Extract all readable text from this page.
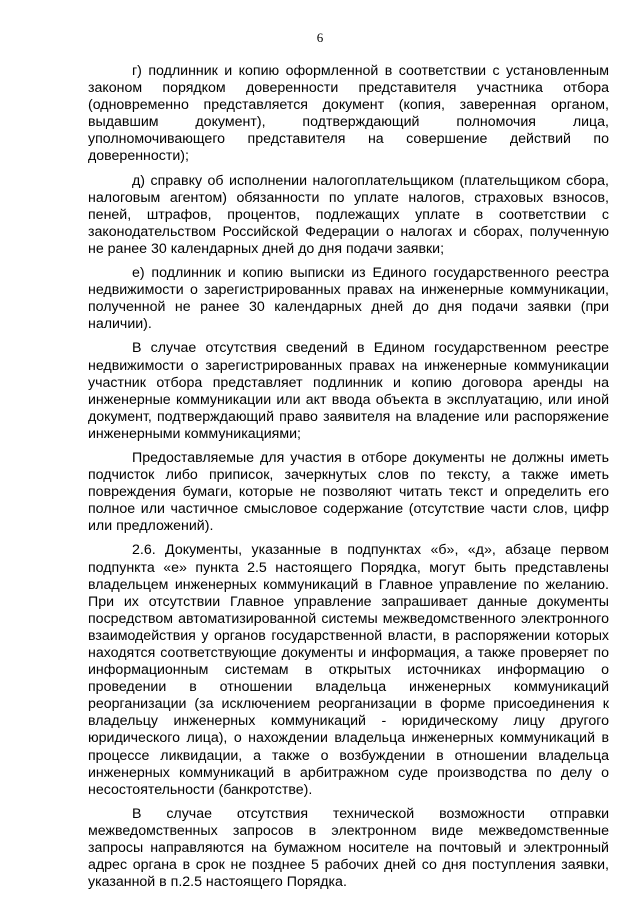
6

г) подлинник и копию оформленной в соответствии с установленным законом порядком доверенности представителя участника отбора (одновременно представляется документ (копия, заверенная органом, выдавшим документ), подтверждающий полномочия лица, уполномочивающего представителя на совершение действий по доверенности);

д) справку об исполнении налогоплательщиком (плательщиком сбора, налоговым агентом) обязанности по уплате налогов, страховых взносов, пеней, штрафов, процентов, подлежащих уплате в соответствии с законодательством Российской Федерации о налогах и сборах, полученную не ранее 30 календарных дней до дня подачи заявки;

е) подлинник и копию выписки из Единого государственного реестра недвижимости о зарегистрированных правах на инженерные коммуникации, полученной не ранее 30 календарных дней до дня подачи заявки (при наличии).

В случае отсутствия сведений в Едином государственном реестре недвижимости о зарегистрированных правах на инженерные коммуникации участник отбора представляет подлинник и копию договора аренды на инженерные коммуникации или акт ввода объекта в эксплуатацию, или иной документ, подтверждающий право заявителя на владение или распоряжение инженерными коммуникациями;

Предоставляемые для участия в отборе документы не должны иметь подчисток либо приписок, зачеркнутых слов по тексту, а также иметь повреждения бумаги, которые не позволяют читать текст и определить его полное или частичное смысловое содержание (отсутствие части слов, цифр или предложений).

2.6. Документы, указанные в подпунктах «б», «д», абзаце первом подпункта «е» пункта 2.5 настоящего Порядка, могут быть представлены владельцем инженерных коммуникаций в Главное управление по желанию. При их отсутствии Главное управление запрашивает данные документы посредством автоматизированной системы межведомственного электронного взаимодействия у органов государственной власти, в распоряжении которых находятся соответствующие документы и информация, а также проверяет по информационным системам в открытых источниках информацию о проведении в отношении владельца инженерных коммуникаций реорганизации (за исключением реорганизации в форме присоединения к владельцу инженерных коммуникаций - юридическому лицу другого юридического лица), о нахождении владельца инженерных коммуникаций в процессе ликвидации, а также о возбуждении в отношении владельца инженерных коммуникаций в арбитражном суде производства по делу о несостоятельности (банкротстве).

В случае отсутствия технической возможности отправки межведомственных запросов в электронном виде межведомственные запросы направляются на бумажном носителе на почтовый и электронный адрес органа в срок не позднее 5 рабочих дней со дня поступления заявки, указанной в п.2.5 настоящего Порядка.
